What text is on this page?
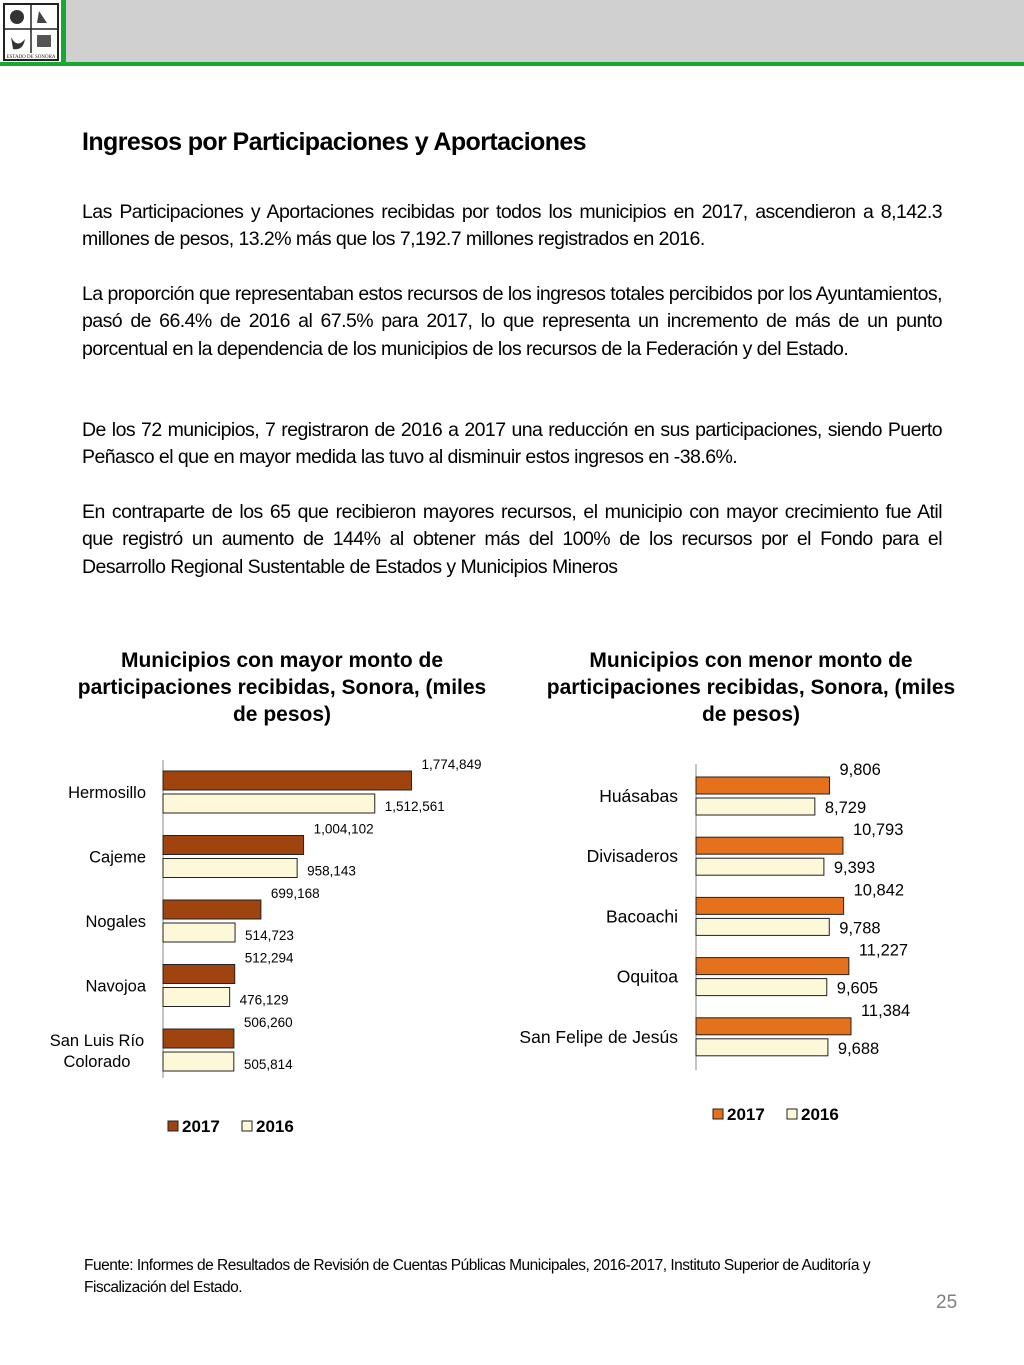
ESTADO DE SONORA
Ingresos por Participaciones y Aportaciones

Las Participaciones y Aportaciones recibidas por todos los municipios en 2017, ascendieron a 8,142.3 millones de pesos, 13.2% más que los 7,192.7 millones registrados en 2016.

La proporción que representaban estos recursos de los ingresos totales percibidos por los Ayuntamientos, pasó de 66.4% de 2016 al 67.5% para 2017, lo que representa un incremento de más de un punto porcentual en la dependencia de los municipios de los recursos de la Federación y del Estado.

De los 72 municipios, 7 registraron de 2016 a 2017 una reducción en sus participaciones, siendo Puerto Peñasco el que en mayor medida las tuvo al disminuir estos ingresos en -38.6%.

En contraparte de los 65 que recibieron mayores recursos, el municipio con mayor crecimiento fue Atil que registró un aumento de 144% al obtener más del 100% de los recursos por el Fondo para el Desarrollo Regional Sustentable de Estados y Municipios Mineros

Municipios con mayor monto de participaciones recibidas, Sonora, (miles de pesos)
Municipios con menor monto de participaciones recibidas, Sonora, (miles de pesos)
1,774,849
1,512,561
Hermosillo
1,004,102
958,143
Cajeme
699,168
514,723
Nogales
512,294
476,129
Navojoa
506,260
505,814
San Luis Río
Colorado
2017 2016
9,806
8,729
Huásabas
10,793
9,393
Divisaderos
10,842
9,788
Bacoachi
11,227
9,605
Oquitoa
11,384
9,688
San Felipe de Jesús
2017 2016
Fuente: Informes de Resultados de Revisión de Cuentas Públicas Municipales, 2016-2017, Instituto Superior de Auditoría y Fiscalización del Estado.
25
